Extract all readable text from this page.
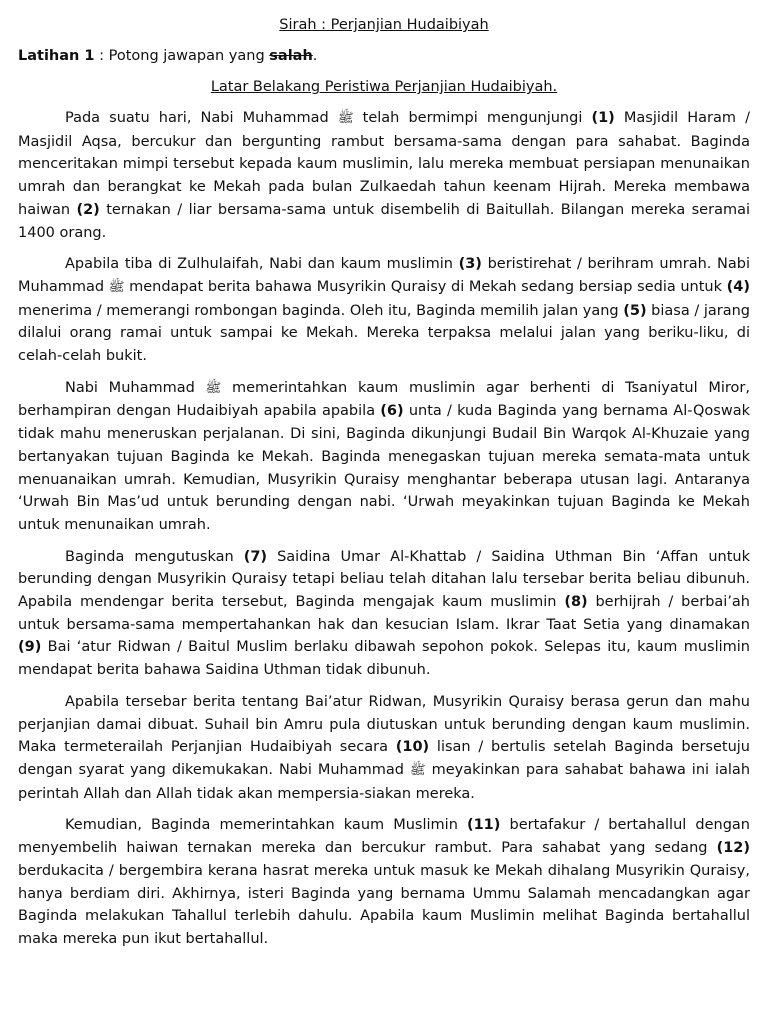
Sirah : Perjanjian Hudaibiyah

Latihan 1 : Potong jawapan yang salah.

Latar Belakang Peristiwa Perjanjian Hudaibiyah.

Pada suatu hari, Nabi Muhammad ﷺ telah bermimpi mengunjungi (1) Masjidil Haram / Masjidil Aqsa, bercukur dan bergunting rambut bersama-sama dengan para sahabat. Baginda menceritakan mimpi tersebut kepada kaum muslimin, lalu mereka membuat persiapan menunaikan umrah dan berangkat ke Mekah pada bulan Zulkaedah tahun keenam Hijrah. Mereka membawa haiwan (2) ternakan / liar bersama-sama untuk disembelih di Baitullah. Bilangan mereka seramai 1400 orang.

Apabila tiba di Zulhulaifah, Nabi dan kaum muslimin (3) beristirehat / berihram umrah. Nabi Muhammad ﷺ mendapat berita bahawa Musyrikin Quraisy di Mekah sedang bersiap sedia untuk (4) menerima / memerangi rombongan baginda. Oleh itu, Baginda memilih jalan yang (5) biasa / jarang dilalui orang ramai untuk sampai ke Mekah. Mereka terpaksa melalui jalan yang beriku-liku, di celah-celah bukit.

Nabi Muhammad ﷺ memerintahkan kaum muslimin agar berhenti di Tsaniyatul Miror, berhampiran dengan Hudaibiyah apabila apabila (6) unta / kuda Baginda yang bernama Al-Qoswak tidak mahu meneruskan perjalanan. Di sini, Baginda dikunjungi Budail Bin Warqok Al-Khuzaie yang bertanyakan tujuan Baginda ke Mekah. Baginda menegaskan tujuan mereka semata-mata untuk menuanaikan umrah. Kemudian, Musyrikin Quraisy menghantar beberapa utusan lagi. Antaranya ‘Urwah Bin Mas’ud untuk berunding dengan nabi. ‘Urwah meyakinkan tujuan Baginda ke Mekah untuk menunaikan umrah.

Baginda mengutuskan (7) Saidina Umar Al-Khattab / Saidina Uthman Bin ‘Affan untuk berunding dengan Musyrikin Quraisy tetapi beliau telah ditahan lalu tersebar berita beliau dibunuh. Apabila mendengar berita tersebut, Baginda mengajak kaum muslimin (8) berhijrah / berbai’ah untuk bersama-sama mempertahankan hak dan kesucian Islam. Ikrar Taat Setia yang dinamakan (9) Bai ‘atur Ridwan / Baitul Muslim berlaku dibawah sepohon pokok. Selepas itu, kaum muslimin mendapat berita bahawa Saidina Uthman tidak dibunuh.

Apabila tersebar berita tentang Bai’atur Ridwan, Musyrikin Quraisy berasa gerun dan mahu perjanjian damai dibuat. Suhail bin Amru pula diutuskan untuk berunding dengan kaum muslimin. Maka termeterailah Perjanjian Hudaibiyah secara (10) lisan / bertulis setelah Baginda bersetuju dengan syarat yang dikemukakan. Nabi Muhammad ﷺ meyakinkan para sahabat bahawa ini ialah perintah Allah dan Allah tidak akan mempersia-siakan mereka.

Kemudian, Baginda memerintahkan kaum Muslimin (11) bertafakur / bertahallul dengan menyembelih haiwan ternakan mereka dan bercukur rambut. Para sahabat yang sedang (12) berdukacita / bergembira kerana hasrat mereka untuk masuk ke Mekah dihalang Musyrikin Quraisy, hanya berdiam diri. Akhirnya, isteri Baginda yang bernama Ummu Salamah mencadangkan agar Baginda melakukan Tahallul terlebih dahulu. Apabila kaum Muslimin melihat Baginda bertahallul maka mereka pun ikut bertahallul.
